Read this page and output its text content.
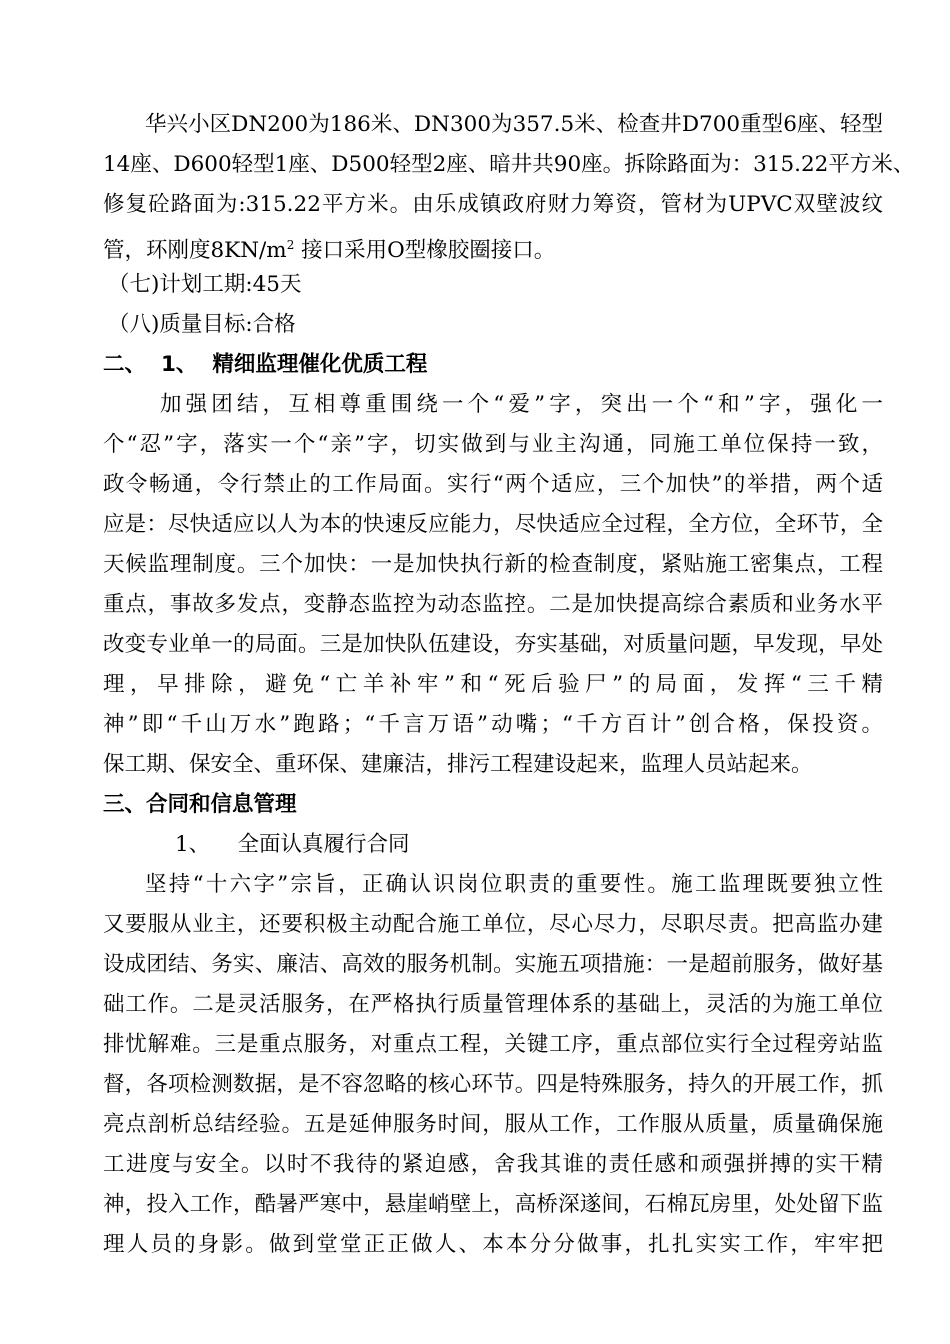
华兴小区DN200为186米、DN300为357.5米、检查井D700重型6座、轻型
14座、D600轻型1座、D500轻型2座、暗井共90座。拆除路面为：315.22平方米、
修复砼路面为:315.22平方米。由乐成镇政府财力筹资，管材为UPVC双壁波纹
管，环刚度$8KN/m^2$ 接口采用O型橡胶圈接口。
（七)计划工期:45天
（八)质量目标:合格
二、  1、  精细监理催化优质工程
加强团结，互相尊重围绕一个“爱”字，突出一个“和”字，强化一
个“忍”字，落实一个“亲”字，切实做到与业主沟通，同施工单位保持一致，
政令畅通，令行禁止的工作局面。实行“两个适应，三个加快”的举措，两个适
应是：尽快适应以人为本的快速反应能力，尽快适应全过程，全方位，全环节，全
天候监理制度。三个加快：一是加快执行新的检查制度，紧贴施工密集点，工程
重点，事故多发点，变静态监控为动态监控。二是加快提高综合素质和业务水平
改变专业单一的局面。三是加快队伍建设，夯实基础，对质量问题，早发现，早处
理，早排除，避免“亡羊补牢”和“死后验尸”的局面，发挥“三千精
神”即“千山万水”跑路；“千言万语”动嘴；“千方百计”创合格，保投资。
保工期、保安全、重环保、建廉洁，排污工程建设起来，监理人员站起来。
三、合同和信息管理
1、    全面认真履行合同
坚持“十六字”宗旨，正确认识岗位职责的重要性。施工监理既要独立性
又要服从业主，还要积极主动配合施工单位，尽心尽力，尽职尽责。把高监办建
设成团结、务实、廉洁、高效的服务机制。实施五项措施：一是超前服务，做好基
础工作。二是灵活服务，在严格执行质量管理体系的基础上，灵活的为施工单位
排忧解难。三是重点服务，对重点工程，关键工序，重点部位实行全过程旁站监
督，各项检测数据，是不容忽略的核心环节。四是特殊服务，持久的开展工作，抓
亮点剖析总结经验。五是延伸服务时间，服从工作，工作服从质量，质量确保施
工进度与安全。以时不我待的紧迫感，舍我其谁的责任感和顽强拼搏的实干精
神，投入工作，酷暑严寒中，悬崖峭壁上，高桥深遂间，石棉瓦房里，处处留下监
理人员的身影。做到堂堂正正做人、本本分分做事，扎扎实实工作，牢牢把
